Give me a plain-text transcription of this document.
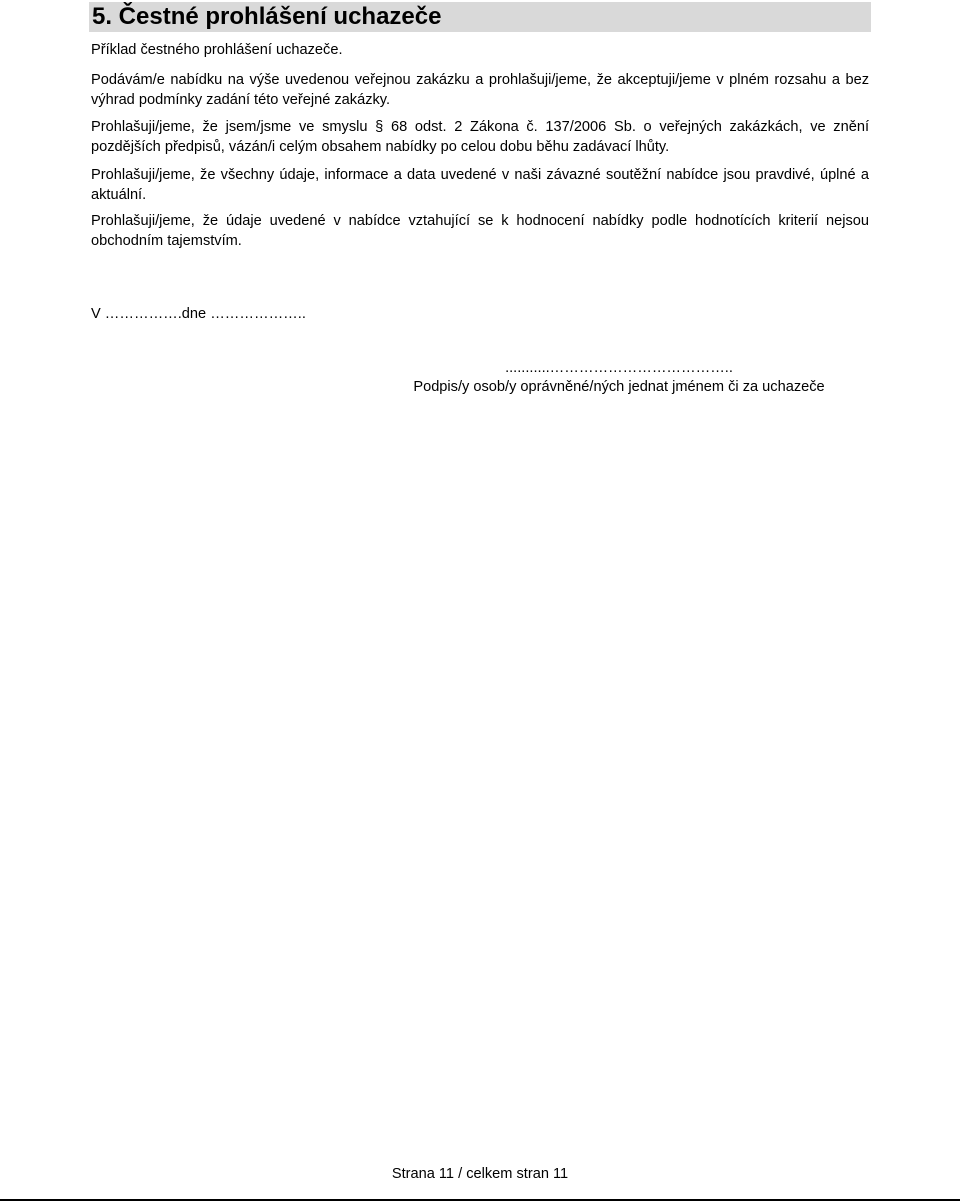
5. Čestné prohlášení uchazeče
Příklad čestného prohlášení uchazeče.
Podávám/e nabídku na výše uvedenou veřejnou zakázku a prohlašuji/jeme, že akceptuji/jeme v plném rozsahu a bez výhrad podmínky zadání této veřejné zakázky.
Prohlašuji/jeme, že jsem/jsme ve smyslu § 68 odst. 2 Zákona č. 137/2006 Sb. o veřejných zakázkách, ve znění pozdějších předpisů, vázán/i celým obsahem nabídky po celou dobu běhu zadávací lhůty.
Prohlašuji/jeme, že všechny údaje, informace a data uvedené v naši závazné soutěžní nabídce jsou pravdivé, úplné a aktuální.
Prohlašuji/jeme, že údaje uvedené v nabídce vztahující se k hodnocení nabídky podle hodnotících kriterií nejsou obchodním tajemstvím.
V …………….dne ………………..
...........………………………………..
Podpis/y osob/y oprávněné/ných jednat jménem či za uchazeče
Strana 11 / celkem stran 11
